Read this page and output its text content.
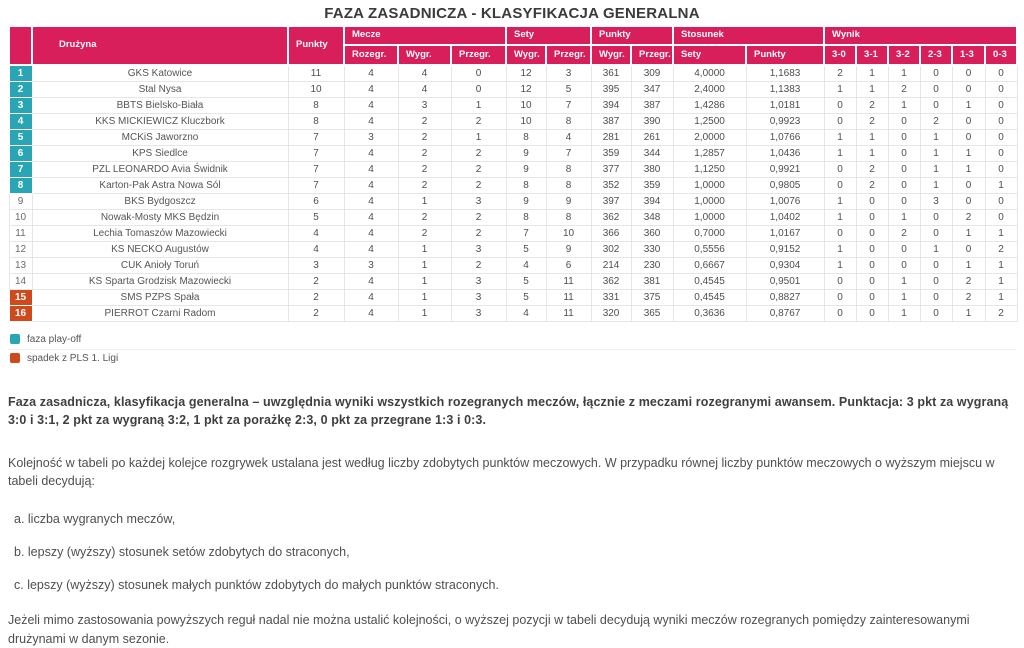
FAZA ZASADNICZA - KLASYFIKACJA GENERALNA
	Drużyna	Punkty	Mecze			Sety		Punkty		Stosunek		Wynik					
			Rozegr.	Wygr.	Przegr.	Wygr.	Przegr.	Wygr.	Przegr.	Sety	Punkty	3-0	3-1	3-2	2-3	1-3	0-3
1	GKS Katowice	11	4	4	0	12	3	361	309	4,0000	1,1683	2	1	1	0	0	0
2	Stal Nysa	10	4	4	0	12	5	395	347	2,4000	1,1383	1	1	2	0	0	0
3	BBTS Bielsko-Biała	8	4	3	1	10	7	394	387	1,4286	1,0181	0	2	1	0	1	0
4	KKS MICKIEWICZ Kluczbork	8	4	2	2	10	8	387	390	1,2500	0,9923	0	2	0	2	0	0
5	MCKiS Jaworzno	7	3	2	1	8	4	281	261	2,0000	1,0766	1	1	0	1	0	0
6	KPS Siedlce	7	4	2	2	9	7	359	344	1,2857	1,0436	1	1	0	1	1	0
7	PZL LEONARDO Avia Świdnik	7	4	2	2	9	8	377	380	1,1250	0,9921	0	2	0	1	1	0
8	Karton-Pak Astra Nowa Sól	7	4	2	2	8	8	352	359	1,0000	0,9805	0	2	0	1	0	1
9	BKS Bydgoszcz	6	4	1	3	9	9	397	394	1,0000	1,0076	1	0	0	3	0	0
10	Nowak-Mosty MKS Będzin	5	4	2	2	8	8	362	348	1,0000	1,0402	1	0	1	0	2	0
11	Lechia Tomaszów Mazowiecki	4	4	2	2	7	10	366	360	0,7000	1,0167	0	0	2	0	1	1
12	KS NECKO Augustów	4	4	1	3	5	9	302	330	0,5556	0,9152	1	0	0	1	0	2
13	CUK Anioły Toruń	3	3	1	2	4	6	214	230	0,6667	0,9304	1	0	0	0	1	1
14	KS Sparta Grodzisk Mazowiecki	2	4	1	3	5	11	362	381	0,4545	0,9501	0	0	1	0	2	1
15	SMS PZPS Spała	2	4	1	3	5	11	331	375	0,4545	0,8827	0	0	1	0	2	1
16	PIERROT Czarni Radom	2	4	1	3	4	11	320	365	0,3636	0,8767	0	0	1	0	1	2
faza play-off
spadek z PLS 1. Ligi
Faza zasadnicza, klasyfikacja generalna – uwzględnia wyniki wszystkich rozegranych meczów, łącznie z meczami rozegranymi awansem. Punktacja: 3 pkt za wygraną 3:0 i 3:1, 2 pkt za wygraną 3:2, 1 pkt za porażkę 2:3, 0 pkt za przegrane 1:3 i 0:3.
Kolejność w tabeli po każdej kolejce rozgrywek ustalana jest według liczby zdobytych punktów meczowych. W przypadku równej liczby punktów meczowych o wyższym miejscu w tabeli decydują:
a. liczba wygranych meczów,
b. lepszy (wyższy) stosunek setów zdobytych do straconych,
c. lepszy (wyższy) stosunek małych punktów zdobytych do małych punktów straconych.
Jeżeli mimo zastosowania powyższych reguł nadal nie można ustalić kolejności, o wyższej pozycji w tabeli decydują wyniki meczów rozegranych pomiędzy zainteresowanymi drużynami w danym sezonie.
